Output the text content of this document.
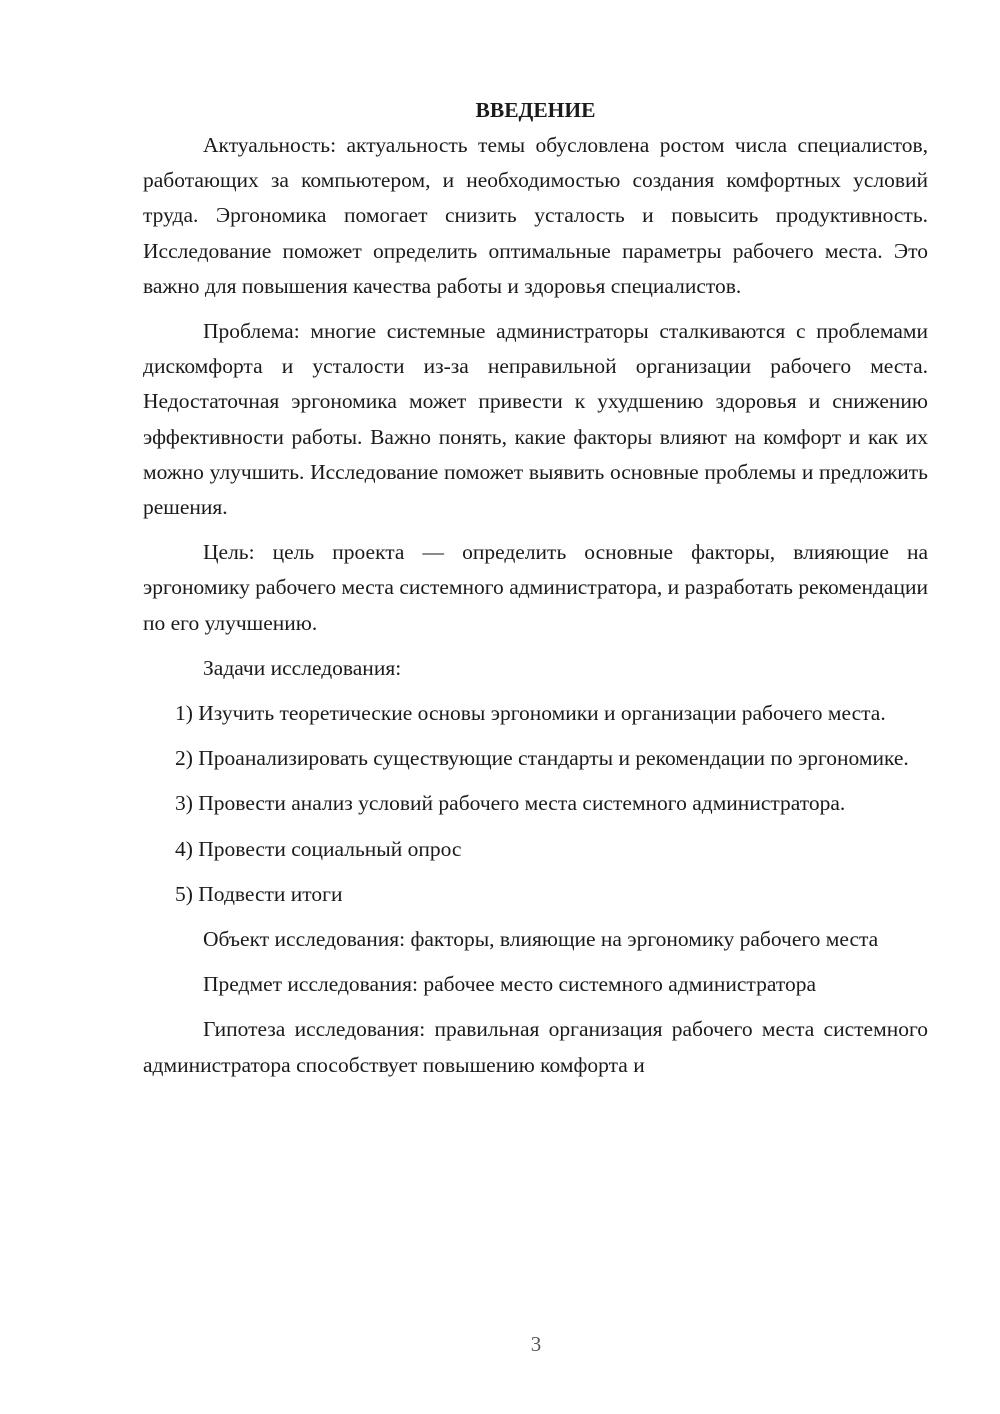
ВВЕДЕНИЕ

Актуальность: актуальность темы обусловлена ростом числа специалистов, работающих за компьютером, и необходимостью создания комфортных условий труда. Эргономика помогает снизить усталость и повысить продуктивность. Исследование поможет определить оптимальные параметры рабочего места. Это важно для повышения качества работы и здоровья специалистов.

Проблема: многие системные администраторы сталкиваются с проблемами дискомфорта и усталости из-за неправильной организации рабочего места. Недостаточная эргономика может привести к ухудшению здоровья и снижению эффективности работы. Важно понять, какие факторы влияют на комфорт и как их можно улучшить. Исследование поможет выявить основные проблемы и предложить решения.

Цель: цель проекта — определить основные факторы, влияющие на эргономику рабочего места системного администратора, и разработать рекомендации по его улучшению.

Задачи исследования:

1) Изучить теоретические основы эргономики и организации рабочего места.

2) Проанализировать существующие стандарты и рекомендации по эргономике.

3) Провести анализ условий рабочего места системного администратора.

4) Провести социальный опрос

5) Подвести итоги

Объект исследования: факторы, влияющие на эргономику рабочего места

Предмет исследования: рабочее место системного администратора

Гипотеза исследования: правильная организация рабочего места системного администратора способствует повышению комфорта и

3
